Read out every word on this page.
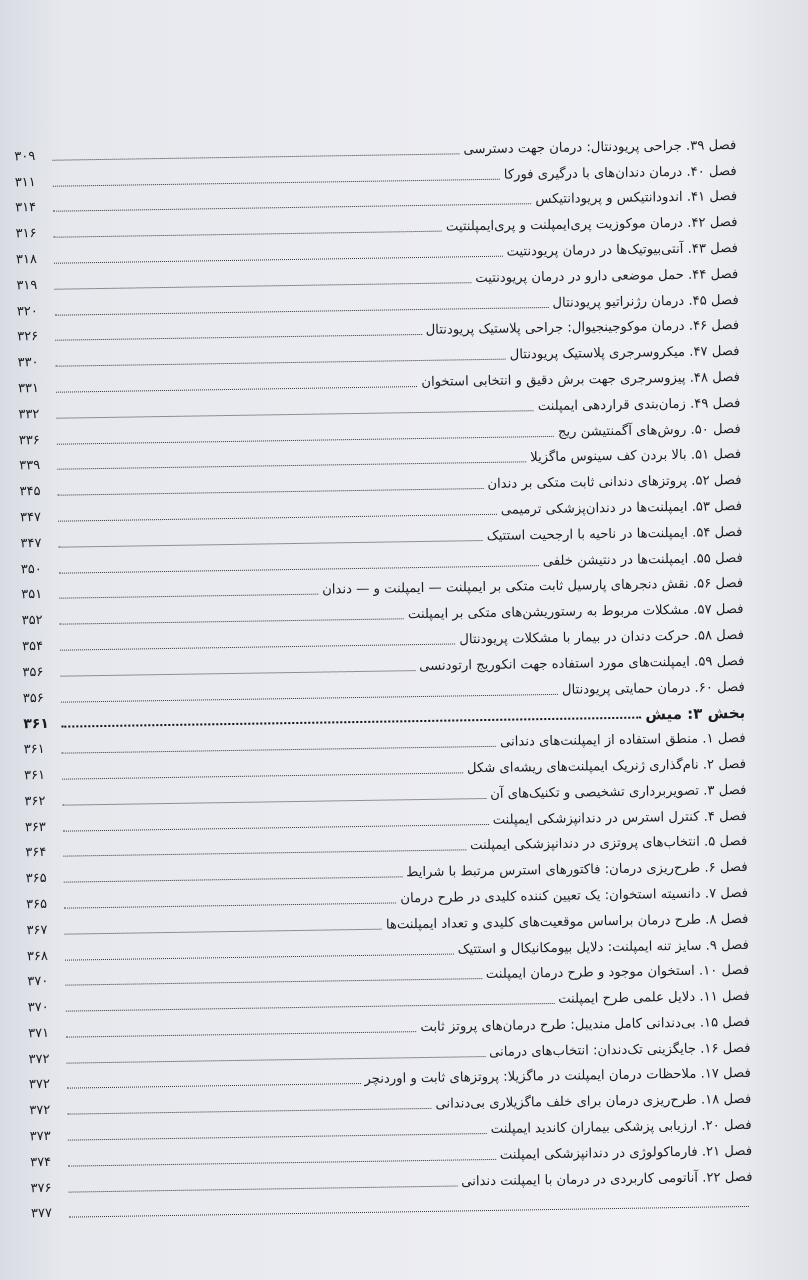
فصل ۳۹. جراحی پریودنتال: درمان جهت دسترسی
۳۰۹
فصل ۴۰. درمان دندان‌های با درگیری فورکا
۳۱۱
فصل ۴۱. اندودانتیکس و پریودانتیکس
۳۱۴
فصل ۴۲. درمان موکوزیت پری‌ایمپلنت و پری‌ایمپلنتیت
۳۱۶
فصل ۴۳. آنتی‌بیوتیک‌ها در درمان پریودنتیت
۳۱۸
فصل ۴۴. حمل موضعی دارو در درمان پریودنتیت
۳۱۹
فصل ۴۵. درمان رژنراتیو پریودنتال
۳۲۰
فصل ۴۶. درمان موکوجینجیوال: جراحی پلاستیک پریودنتال
۳۲۶
فصل ۴۷. میکروسرجری پلاستیک پریودنتال
۳۳۰
فصل ۴۸. پیزوسرجری جهت برش دقیق و انتخابی استخوان
۳۳۱
فصل ۴۹. زمان‌بندی قراردهی ایمپلنت
۳۳۲
فصل ۵۰. روش‌های آگمنتیشن ریج
۳۳۶
فصل ۵۱. بالا بردن کف سینوس ماگزیلا
۳۳۹
فصل ۵۲. پروتزهای دندانی ثابت متکی بر دندان
۳۴۵
فصل ۵۳. ایمپلنت‌ها در دندان‌پزشکی ترمیمی
۳۴۷
فصل ۵۴. ایمپلنت‌ها در ناحیه با ارجحیت استتیک
۳۴۷
فصل ۵۵. ایمپلنت‌ها در دنتیشن خلفی
۳۵۰
فصل ۵۶. نقش دنجرهای پارسیل ثابت متکی بر ایمپلنت — ایمپلنت و — دندان
۳۵۱
فصل ۵۷. مشکلات مربوط به رستوریشن‌های متکی بر ایمپلنت
۳۵۲
فصل ۵۸. حرکت دندان در بیمار با مشکلات پریودنتال
۳۵۴
فصل ۵۹. ایمپلنت‌های مورد استفاده جهت انکوریج ارتودنسی
۳۵۶
فصل ۶۰. درمان حمایتی پریودنتال
۳۵۶
بخش ۳: میش
۳۶۱
فصل ۱. منطق استفاده از ایمپلنت‌های دندانی
۳۶۱
فصل ۲. نام‌گذاری ژنریک ایمپلنت‌های ریشه‌ای شکل
۳۶۱
فصل ۳. تصویربرداری تشخیصی و تکنیک‌های آن
۳۶۲
فصل ۴. کنترل استرس در دندانپزشکی ایمپلنت
۳۶۳
فصل ۵. انتخاب‌های پروتزی در دندانپزشکی ایمپلنت
۳۶۴
فصل ۶. طرح‌ریزی درمان: فاکتورهای استرس مرتبط با شرایط
۳۶۵
فصل ۷. دانسیته استخوان: یک تعیین کننده کلیدی در طرح درمان
۳۶۵
فصل ۸. طرح درمان براساس موقعیت‌های کلیدی و تعداد ایمپلنت‌ها
۳۶۷
فصل ۹. سایز تنه ایمپلنت: دلایل بیومکانیکال و استتیک
۳۶۸
فصل ۱۰. استخوان موجود و طرح درمان ایمپلنت
۳۷۰
فصل ۱۱. دلایل علمی طرح ایمپلنت
۳۷۰
فصل ۱۵. بی‌دندانی کامل مندیبل: طرح درمان‌های پروتز ثابت
۳۷۱
فصل ۱۶. جایگزینی تک‌دندان: انتخاب‌های درمانی
۳۷۲
فصل ۱۷. ملاحظات درمان ایمپلنت در ماگزیلا: پروتزهای ثابت و اوردنچر
۳۷۲
فصل ۱۸. طرح‌ریزی درمان برای خلف ماگزیلاری بی‌دندانی
۳۷۲
فصل ۲۰. ارزیابی پزشکی بیماران کاندید ایمپلنت
۳۷۳
فصل ۲۱. فارماکولوژی در دندانپزشکی ایمپلنت
۳۷۴
فصل ۲۲. آناتومی کاربردی در درمان با ایمپلنت دندانی
۳۷۶
۳۷۷
